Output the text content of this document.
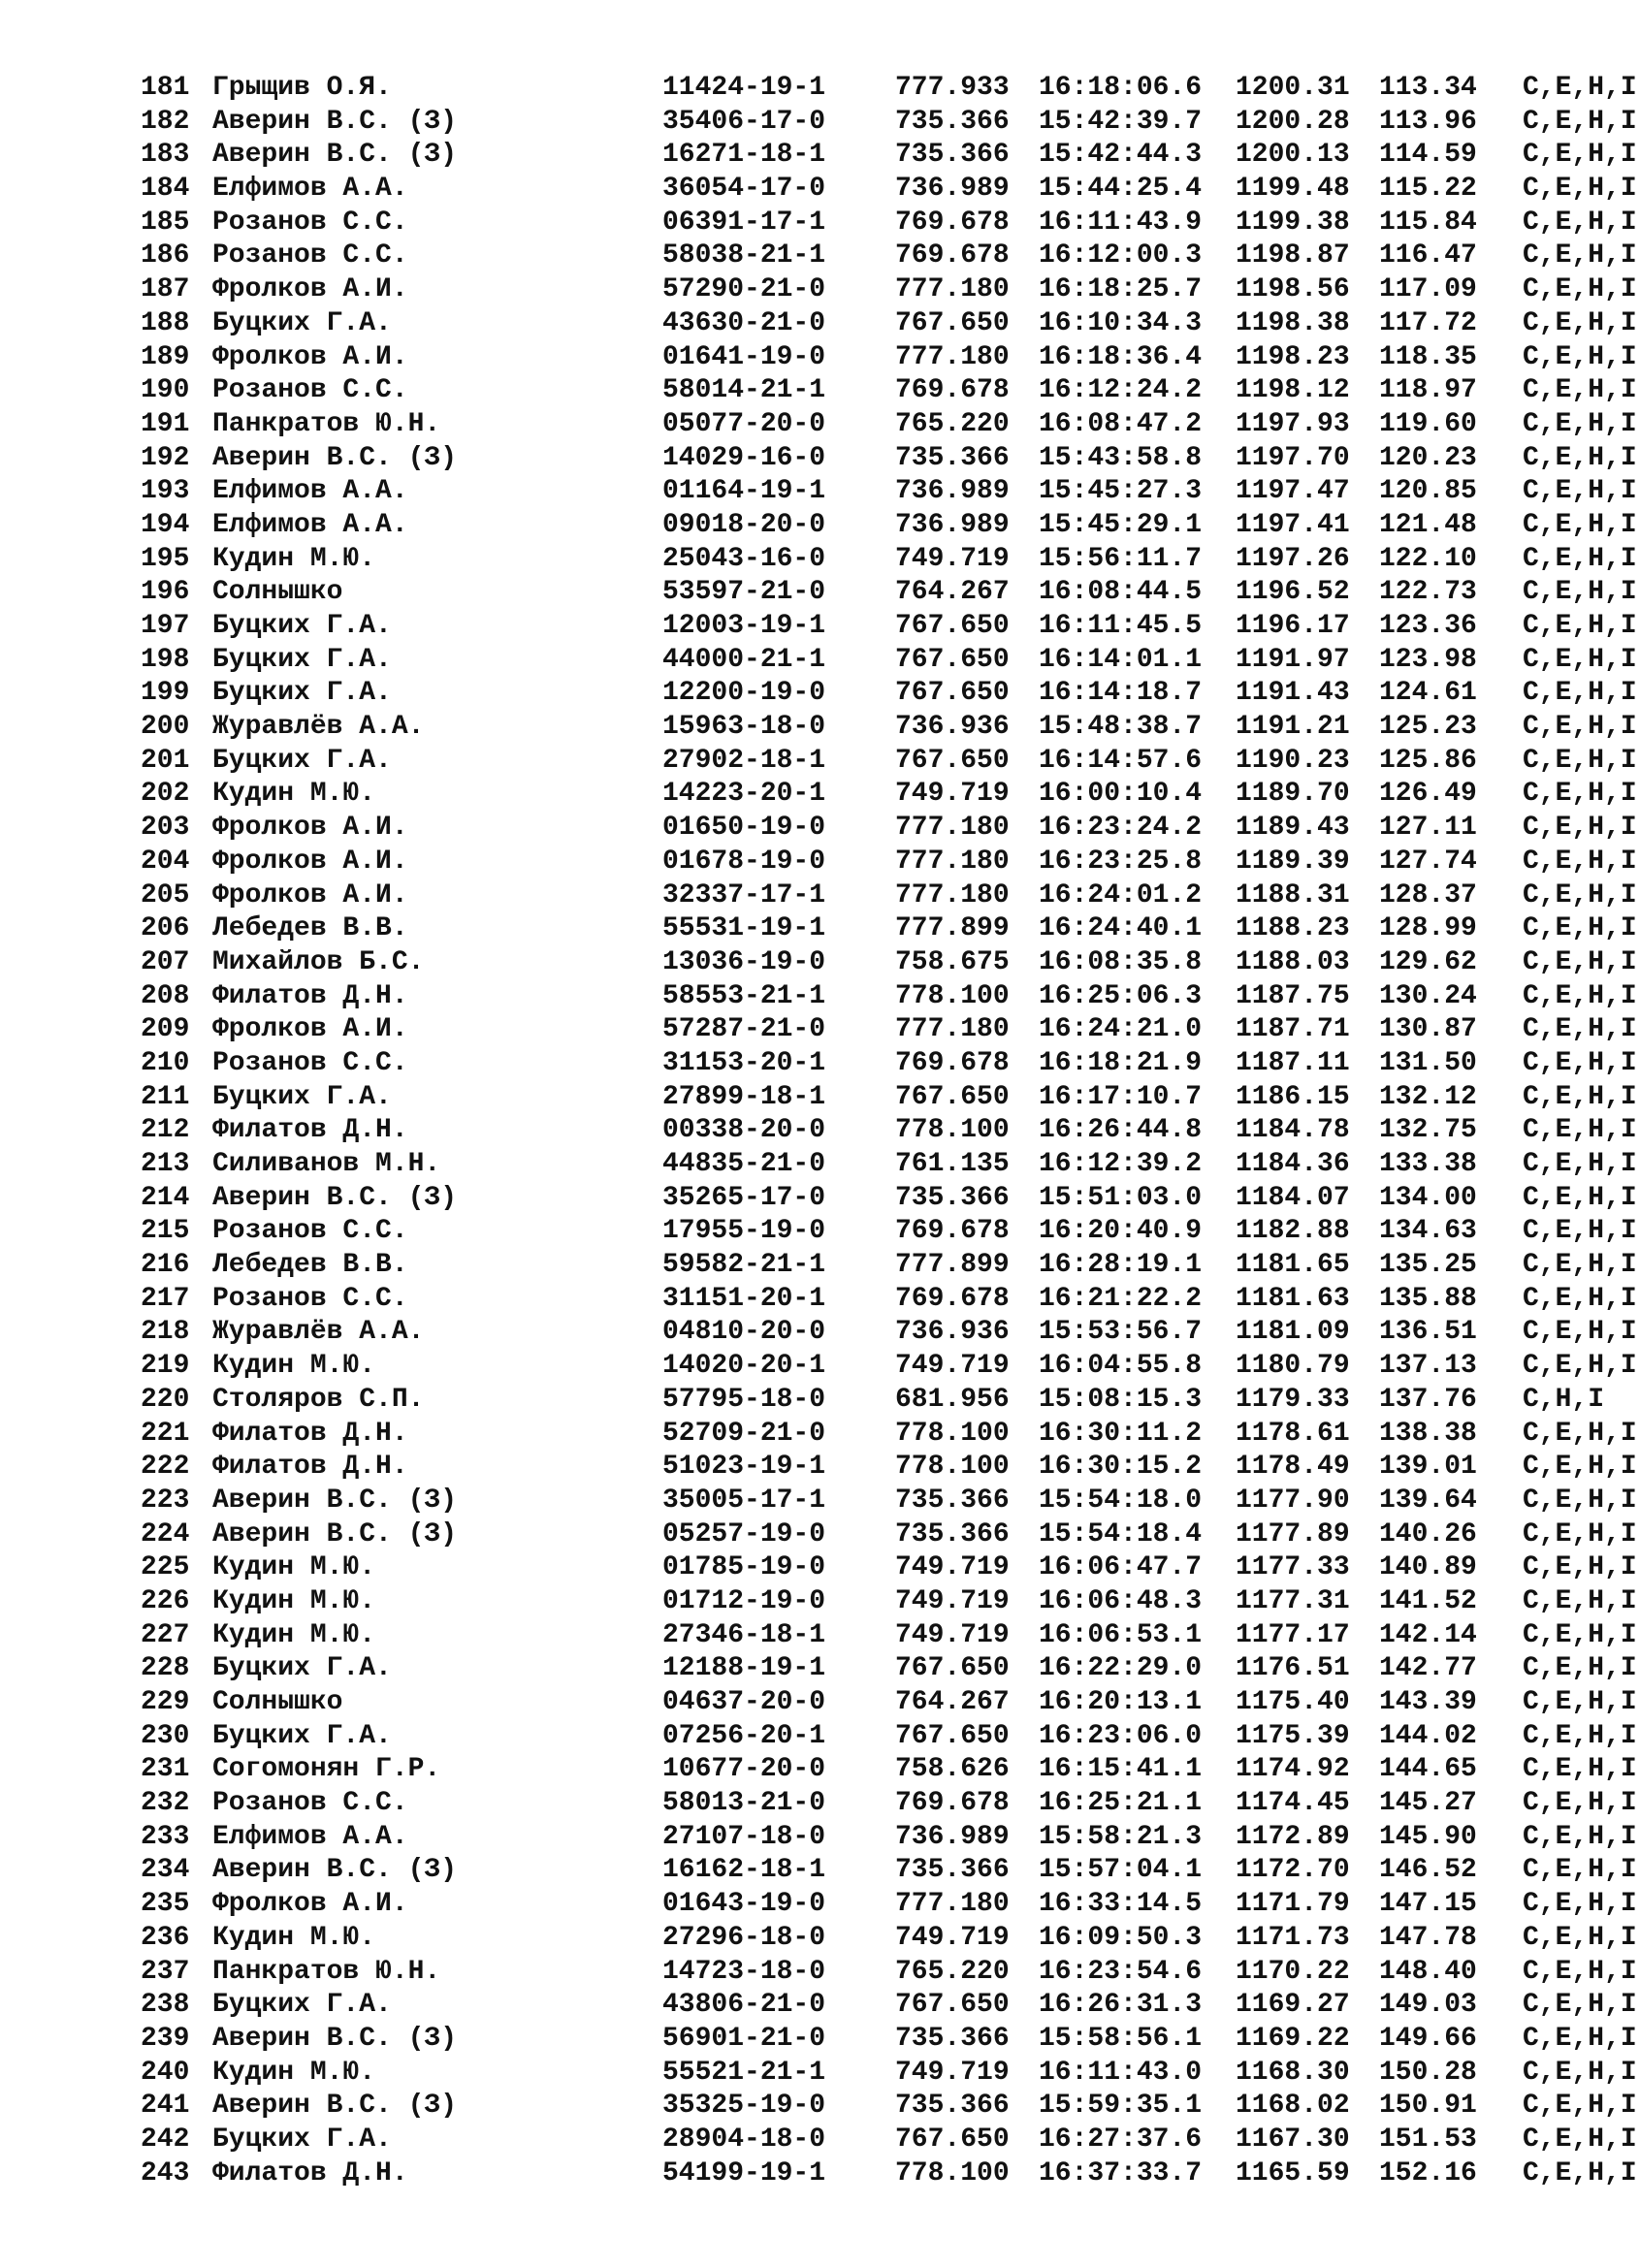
181 Грыщив О.Я.	11424-19-1	777.933 16:18:06.6 1200.31 113.34 C,E,H,I
182 Аверин В.С. (З)	35406-17-0	735.366 15:42:39.7 1200.28 113.96 C,E,H,I
183 Аверин В.С. (З)	16271-18-1	735.366 15:42:44.3 1200.13 114.59 C,E,H,I
184 Елфимов А.А.	36054-17-0	736.989 15:44:25.4 1199.48 115.22 C,E,H,I
185 Розанов С.С.	06391-17-1	769.678 16:11:43.9 1199.38 115.84 C,E,H,I
186 Розанов С.С.	58038-21-1	769.678 16:12:00.3 1198.87 116.47 C,E,H,I
187 Фролков А.И.	57290-21-0	777.180 16:18:25.7 1198.56 117.09 C,E,H,I
188 Буцких Г.А.	43630-21-0	767.650 16:10:34.3 1198.38 117.72 C,E,H,I
189 Фролков А.И.	01641-19-0	777.180 16:18:36.4 1198.23 118.35 C,E,H,I
190 Розанов С.С.	58014-21-1	769.678 16:12:24.2 1198.12 118.97 C,E,H,I
191 Панкратов Ю.Н.	05077-20-0	765.220 16:08:47.2 1197.93 119.60 C,E,H,I
192 Аверин В.С. (З)	14029-16-0	735.366 15:43:58.8 1197.70 120.23 C,E,H,I
193 Елфимов А.А.	01164-19-1	736.989 15:45:27.3 1197.47 120.85 C,E,H,I
194 Елфимов А.А.	09018-20-0	736.989 15:45:29.1 1197.41 121.48 C,E,H,I
195 Кудин М.Ю.	25043-16-0	749.719 15:56:11.7 1197.26 122.10 C,E,H,I
196 Солнышко	53597-21-0	764.267 16:08:44.5 1196.52 122.73 C,E,H,I
197 Буцких Г.А.	12003-19-1	767.650 16:11:45.5 1196.17 123.36 C,E,H,I
198 Буцких Г.А.	44000-21-1	767.650 16:14:01.1 1191.97 123.98 C,E,H,I
199 Буцких Г.А.	12200-19-0	767.650 16:14:18.7 1191.43 124.61 C,E,H,I
200 Журавлёв А.А.	15963-18-0	736.936 15:48:38.7 1191.21 125.23 C,E,H,I
201 Буцких Г.А.	27902-18-1	767.650 16:14:57.6 1190.23 125.86 C,E,H,I
202 Кудин М.Ю.	14223-20-1	749.719 16:00:10.4 1189.70 126.49 C,E,H,I
203 Фролков А.И.	01650-19-0	777.180 16:23:24.2 1189.43 127.11 C,E,H,I
204 Фролков А.И.	01678-19-0	777.180 16:23:25.8 1189.39 127.74 C,E,H,I
205 Фролков А.И.	32337-17-1	777.180 16:24:01.2 1188.31 128.37 C,E,H,I
206 Лебедев В.В.	55531-19-1	777.899 16:24:40.1 1188.23 128.99 C,E,H,I
207 Михайлов Б.С.	13036-19-0	758.675 16:08:35.8 1188.03 129.62 C,E,H,I
208 Филатов Д.Н.	58553-21-1	778.100 16:25:06.3 1187.75 130.24 C,E,H,I
209 Фролков А.И.	57287-21-0	777.180 16:24:21.0 1187.71 130.87 C,E,H,I
210 Розанов С.С.	31153-20-1	769.678 16:18:21.9 1187.11 131.50 C,E,H,I
211 Буцких Г.А.	27899-18-1	767.650 16:17:10.7 1186.15 132.12 C,E,H,I
212 Филатов Д.Н.	00338-20-0	778.100 16:26:44.8 1184.78 132.75 C,E,H,I
213 Силиванов М.Н.	44835-21-0	761.135 16:12:39.2 1184.36 133.38 C,E,H,I
214 Аверин В.С. (З)	35265-17-0	735.366 15:51:03.0 1184.07 134.00 C,E,H,I
215 Розанов С.С.	17955-19-0	769.678 16:20:40.9 1182.88 134.63 C,E,H,I
216 Лебедев В.В.	59582-21-1	777.899 16:28:19.1 1181.65 135.25 C,E,H,I
217 Розанов С.С.	31151-20-1	769.678 16:21:22.2 1181.63 135.88 C,E,H,I
218 Журавлёв А.А.	04810-20-0	736.936 15:53:56.7 1181.09 136.51 C,E,H,I
219 Кудин М.Ю.	14020-20-1	749.719 16:04:55.8 1180.79 137.13 C,E,H,I
220 Столяров С.П.	57795-18-0	681.956 15:08:15.3 1179.33 137.76 C,H,I
221 Филатов Д.Н.	52709-21-0	778.100 16:30:11.2 1178.61 138.38 C,E,H,I
222 Филатов Д.Н.	51023-19-1	778.100 16:30:15.2 1178.49 139.01 C,E,H,I
223 Аверин В.С. (З)	35005-17-1	735.366 15:54:18.0 1177.90 139.64 C,E,H,I
224 Аверин В.С. (З)	05257-19-0	735.366 15:54:18.4 1177.89 140.26 C,E,H,I
225 Кудин М.Ю.	01785-19-0	749.719 16:06:47.7 1177.33 140.89 C,E,H,I
226 Кудин М.Ю.	01712-19-0	749.719 16:06:48.3 1177.31 141.52 C,E,H,I
227 Кудин М.Ю.	27346-18-1	749.719 16:06:53.1 1177.17 142.14 C,E,H,I
228 Буцких Г.А.	12188-19-1	767.650 16:22:29.0 1176.51 142.77 C,E,H,I
229 Солнышко	04637-20-0	764.267 16:20:13.1 1175.40 143.39 C,E,H,I
230 Буцких Г.А.	07256-20-1	767.650 16:23:06.0 1175.39 144.02 C,E,H,I
231 Согомонян Г.Р.	10677-20-0	758.626 16:15:41.1 1174.92 144.65 C,E,H,I
232 Розанов С.С.	58013-21-0	769.678 16:25:21.1 1174.45 145.27 C,E,H,I
233 Елфимов А.А.	27107-18-0	736.989 15:58:21.3 1172.89 145.90 C,E,H,I
234 Аверин В.С. (З)	16162-18-1	735.366 15:57:04.1 1172.70 146.52 C,E,H,I
235 Фролков А.И.	01643-19-0	777.180 16:33:14.5 1171.79 147.15 C,E,H,I
236 Кудин М.Ю.	27296-18-0	749.719 16:09:50.3 1171.73 147.78 C,E,H,I
237 Панкратов Ю.Н.	14723-18-0	765.220 16:23:54.6 1170.22 148.40 C,E,H,I
238 Буцких Г.А.	43806-21-0	767.650 16:26:31.3 1169.27 149.03 C,E,H,I
239 Аверин В.С. (З)	56901-21-0	735.366 15:58:56.1 1169.22 149.66 C,E,H,I
240 Кудин М.Ю.	55521-21-1	749.719 16:11:43.0 1168.30 150.28 C,E,H,I
241 Аверин В.С. (З)	35325-19-0	735.366 15:59:35.1 1168.02 150.91 C,E,H,I
242 Буцких Г.А.	28904-18-0	767.650 16:27:37.6 1167.30 151.53 C,E,H,I
243 Филатов Д.Н.	54199-19-1	778.100 16:37:33.7 1165.59 152.16 C,E,H,I
